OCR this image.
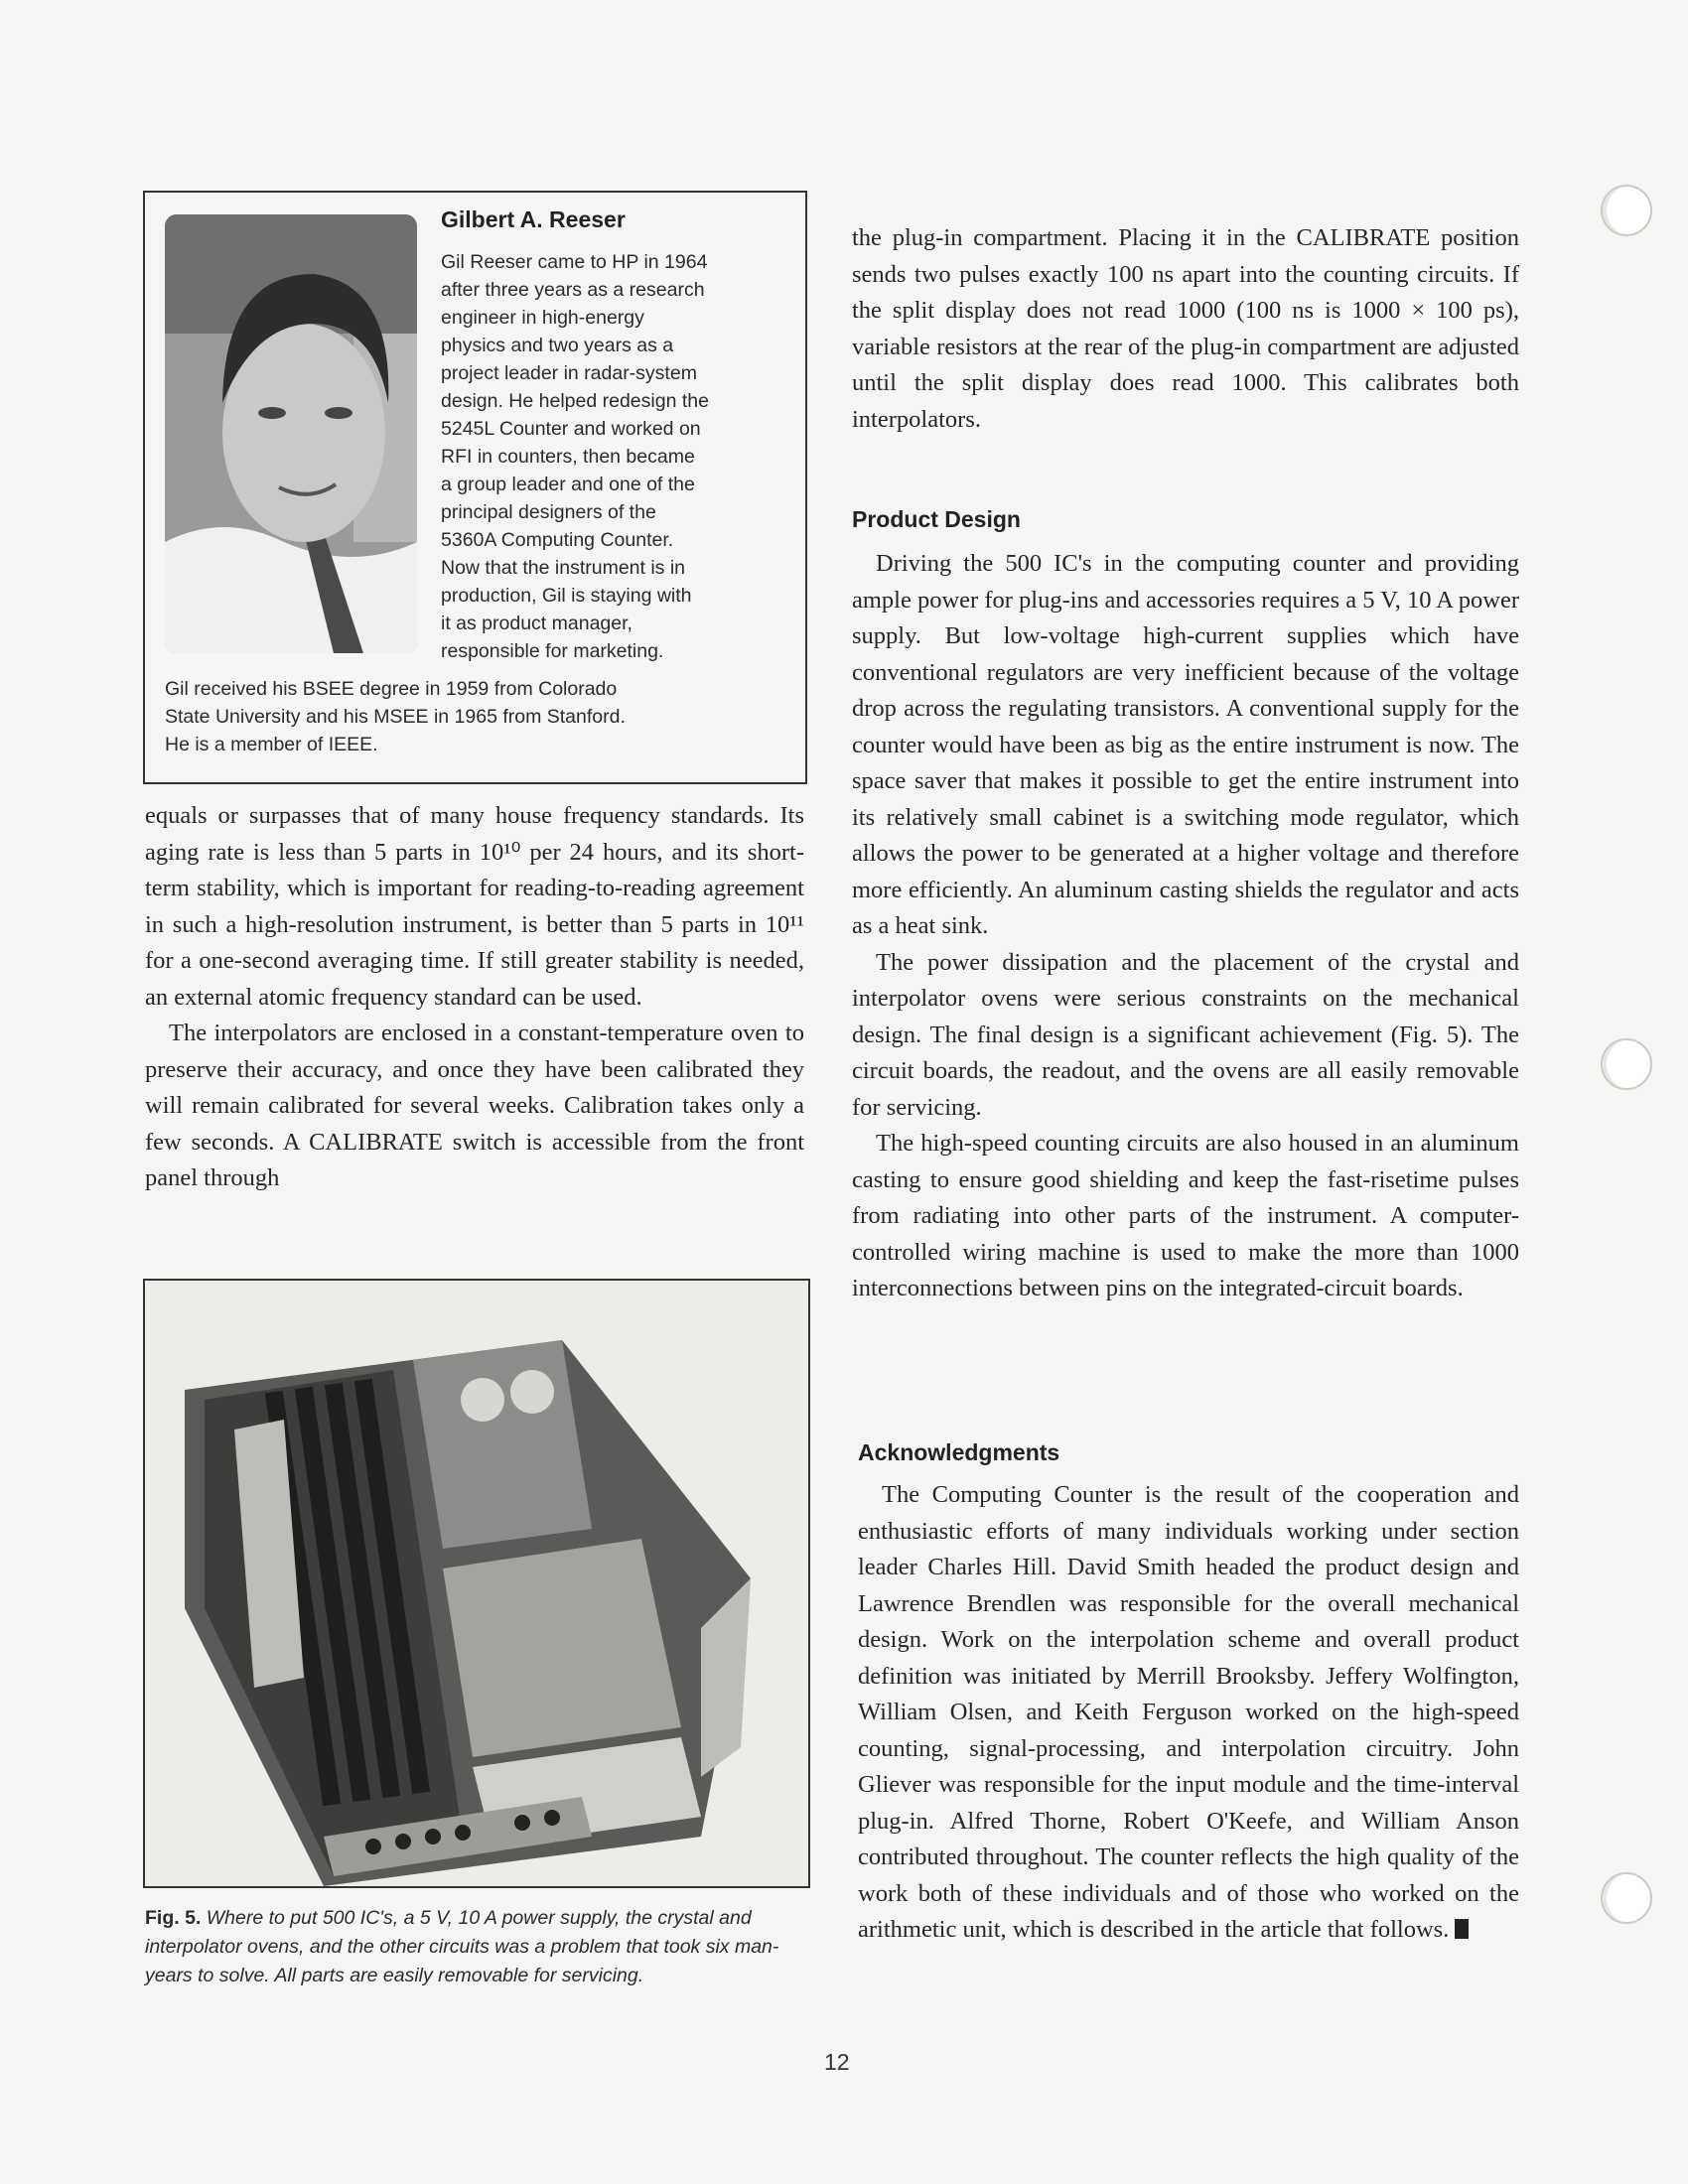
Gilbert A. Reeser
Gil Reeser came to HP in 1964
after three years as a research
engineer in high-energy
physics and two years as a
project leader in radar-system
design. He helped redesign the
5245L Counter and worked on
RFI in counters, then became
a group leader and one of the
principal designers of the
5360A Computing Counter.
Now that the instrument is in
production, Gil is staying with
it as product manager,
responsible for marketing.
Gil received his BSEE degree in 1959 from Colorado
State University and his MSEE in 1965 from Stanford.
He is a member of IEEE.

equals or surpasses that of many house frequency standards. Its aging rate is less than 5 parts in 10¹⁰ per 24 hours, and its short-term stability, which is important for reading-to-reading agreement in such a high-resolution instrument, is better than 5 parts in 10¹¹ for a one-second averaging time. If still greater stability is needed, an external atomic frequency standard can be used.

The interpolators are enclosed in a constant-temperature oven to preserve their accuracy, and once they have been calibrated they will remain calibrated for several weeks. Calibration takes only a few seconds. A CALIBRATE switch is accessible from the front panel through

Fig. 5. Where to put 500 IC's, a 5 V, 10 A power supply, the crystal and interpolator ovens, and the other circuits was a problem that took six man-years to solve. All parts are easily removable for servicing.

the plug-in compartment. Placing it in the CALIBRATE position sends two pulses exactly 100 ns apart into the counting circuits. If the split display does not read 1000 (100 ns is 1000 × 100 ps), variable resistors at the rear of the plug-in compartment are adjusted until the split display does read 1000. This calibrates both interpolators.

Product Design

Driving the 500 IC's in the computing counter and providing ample power for plug-ins and accessories requires a 5 V, 10 A power supply. But low-voltage high-current supplies which have conventional regulators are very inefficient because of the voltage drop across the regulating transistors. A conventional supply for the counter would have been as big as the entire instrument is now. The space saver that makes it possible to get the entire instrument into its relatively small cabinet is a switching mode regulator, which allows the power to be generated at a higher voltage and therefore more efficiently. An aluminum casting shields the regulator and acts as a heat sink.

The power dissipation and the placement of the crystal and interpolator ovens were serious constraints on the mechanical design. The final design is a significant achievement (Fig. 5). The circuit boards, the readout, and the ovens are all easily removable for servicing.

The high-speed counting circuits are also housed in an aluminum casting to ensure good shielding and keep the fast-risetime pulses from radiating into other parts of the instrument. A computer-controlled wiring machine is used to make the more than 1000 interconnections between pins on the integrated-circuit boards.

Acknowledgments

The Computing Counter is the result of the cooperation and enthusiastic efforts of many individuals working under section leader Charles Hill. David Smith headed the product design and Lawrence Brendlen was responsible for the overall mechanical design. Work on the interpolation scheme and overall product definition was initiated by Merrill Brooksby. Jeffery Wolfington, William Olsen, and Keith Ferguson worked on the high-speed counting, signal-processing, and interpolation circuitry. John Gliever was responsible for the input module and the time-interval plug-in. Alfred Thorne, Robert O'Keefe, and William Anson contributed throughout. The counter reflects the high quality of the work both of these individuals and of those who worked on the arithmetic unit, which is described in the article that follows.

12
